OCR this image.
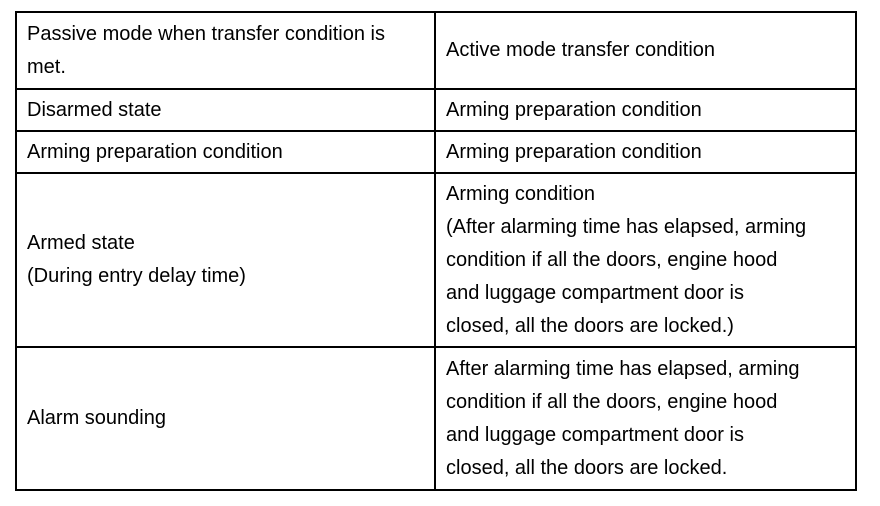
Passive mode when transfer condition is
met.	Active mode transfer condition

Disarmed state	Arming preparation condition

Arming preparation condition	Arming preparation condition

Armed state
(During entry delay time)	Arming condition
(After alarming time has elapsed, arming
condition if all the doors, engine hood
and luggage compartment door is
closed, all the doors are locked.)

Alarm sounding	After alarming time has elapsed, arming
condition if all the doors, engine hood
and luggage compartment door is
closed, all the doors are locked.
